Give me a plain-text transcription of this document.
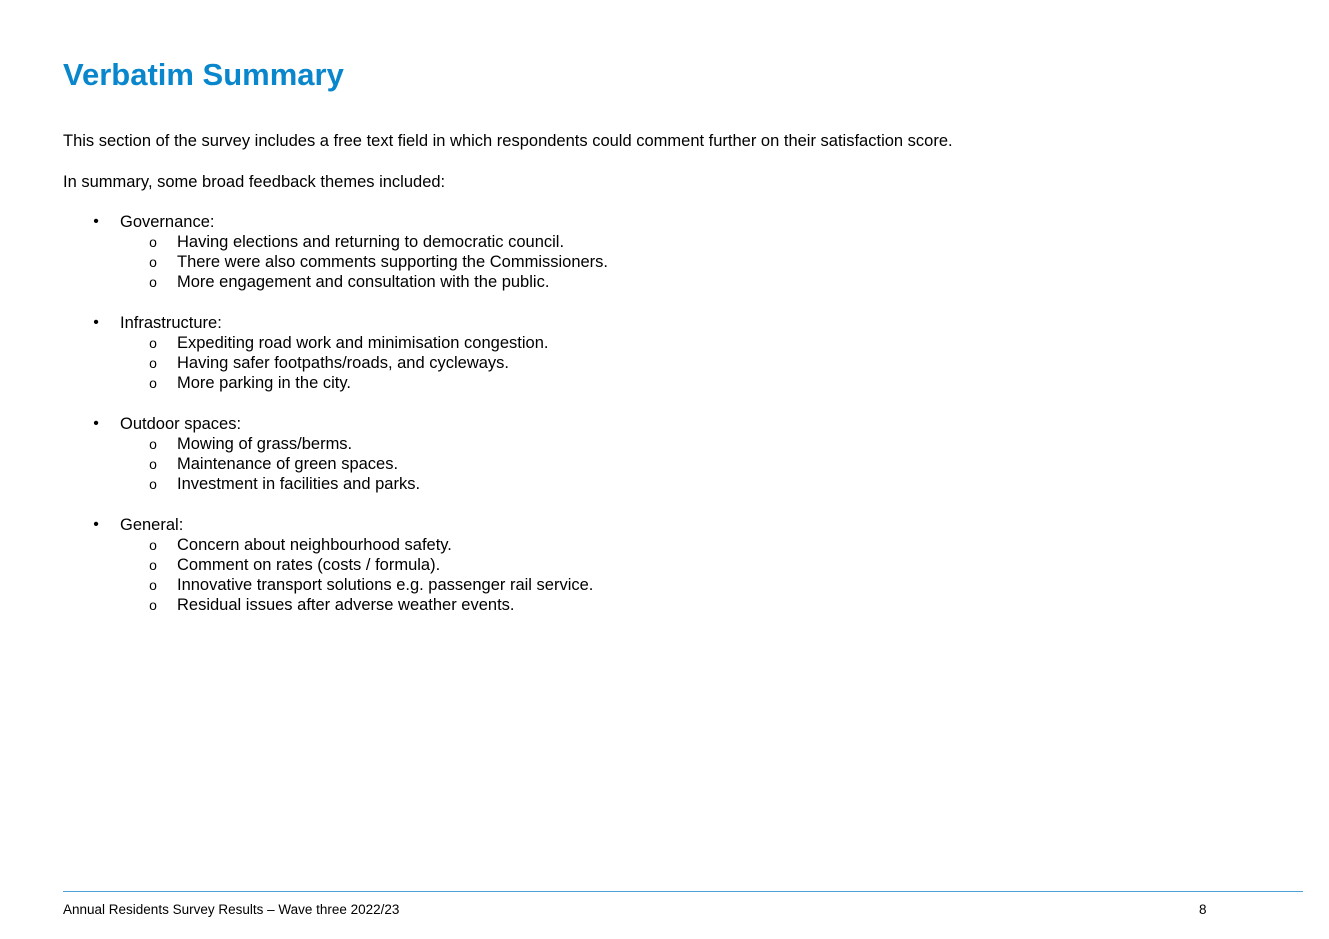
Verbatim Summary

This section of the survey includes a free text field in which respondents could comment further on their satisfaction score.

In summary, some broad feedback themes included:

• Governance:
o Having elections and returning to democratic council.
o There were also comments supporting the Commissioners.
o More engagement and consultation with the public.
• Infrastructure:
o Expediting road work and minimisation congestion.
o Having safer footpaths/roads, and cycleways.
o More parking in the city.
• Outdoor spaces:
o Mowing of grass/berms.
o Maintenance of green spaces.
o Investment in facilities and parks.
• General:
o Concern about neighbourhood safety.
o Comment on rates (costs / formula).
o Innovative transport solutions e.g. passenger rail service.
o Residual issues after adverse weather events.
Annual Residents Survey Results – Wave three 2022/23	8
